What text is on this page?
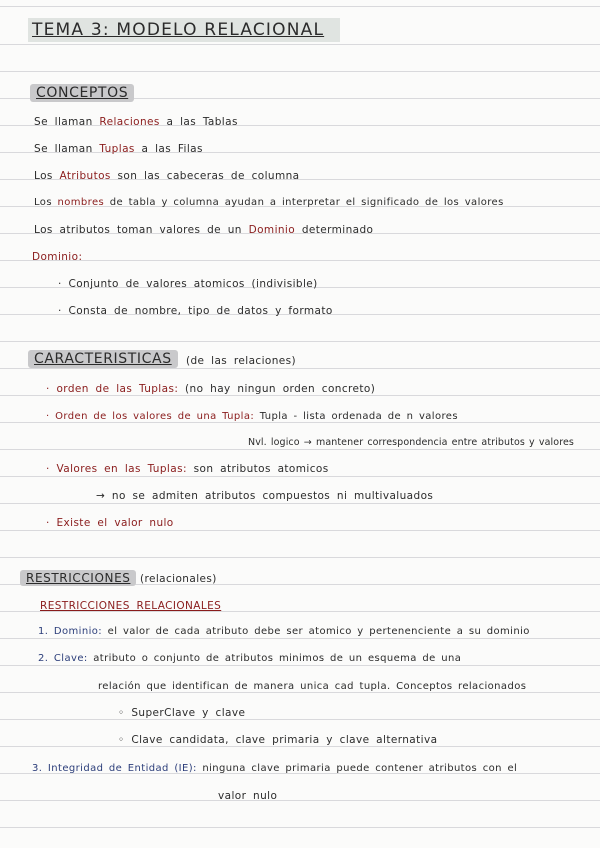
TEMA 3: MODELO RELACIONAL
CONCEPTOS
Se llaman Relaciones a las Tablas
Se llaman Tuplas a las Filas
Los Atributos son las cabeceras de columna
Los nombres de tabla y columna ayudan a interpretar el significado de los valores
Los atributos toman valores de un Dominio determinado
Dominio:
· Conjunto de valores atomicos (indivisible)
· Consta de nombre, tipo de datos y formato
CARACTERISTICAS	(de las relaciones)
· orden de las Tuplas: (no hay ningun orden concreto)
· Orden de los valores de una Tupla: Tupla - lista ordenada de n valores
Nvl. logico → mantener correspondencia entre atributos y valores
· Valores en las Tuplas: son atributos atomicos
→ no se admiten atributos compuestos ni multivaluados
· Existe el valor nulo
RESTRICCIONES (relacionales)
RESTRICCIONES RELACIONALES
1. Dominio: el valor de cada atributo debe ser atomico y pertenenciente a su dominio
2. Clave: atributo o conjunto de atributos minimos de un esquema de una
relación que identifican de manera unica cad tupla. Conceptos relacionados
◦ SuperClave y clave
◦ Clave candidata, clave primaria y clave alternativa
3. Integridad de Entidad (IE): ninguna clave primaria puede contener atributos con el
valor nulo
